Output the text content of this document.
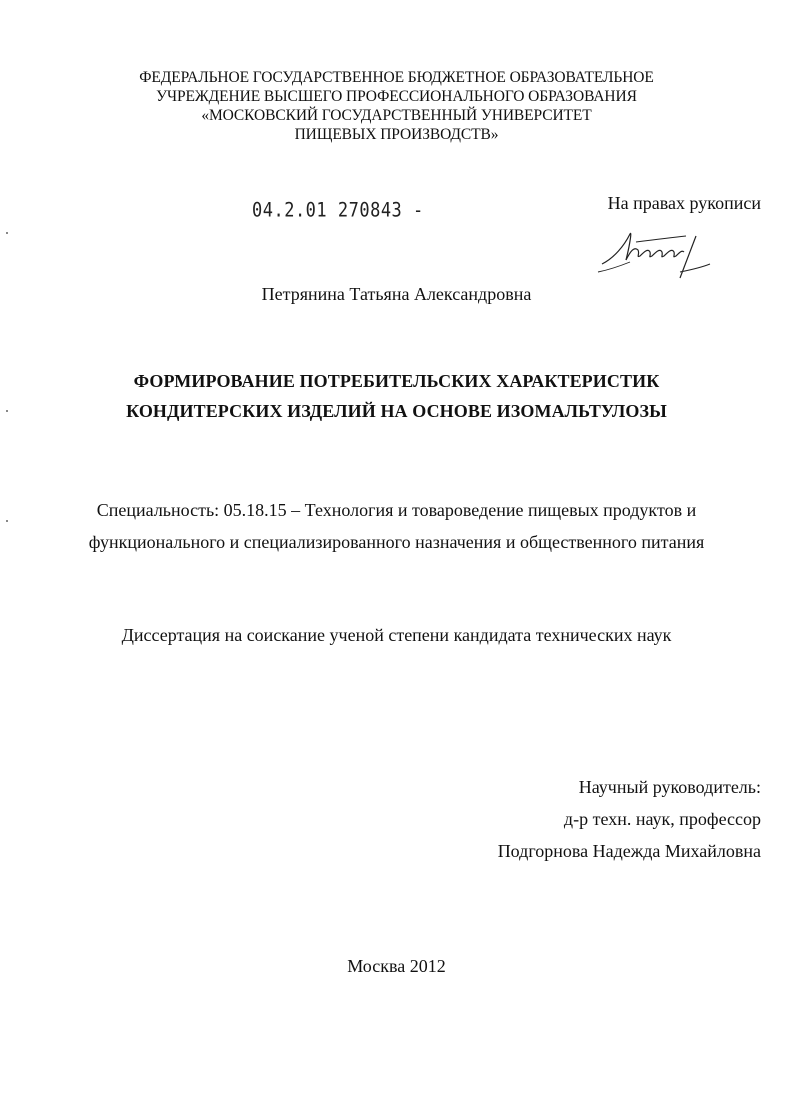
ФЕДЕРАЛЬНОЕ ГОСУДАРСТВЕННОЕ БЮДЖЕТНОЕ ОБРАЗОВАТЕЛЬНОЕ
УЧРЕЖДЕНИЕ ВЫСШЕГО ПРОФЕССИОНАЛЬНОГО ОБРАЗОВАНИЯ
«МОСКОВСКИЙ ГОСУДАРСТВЕННЫЙ УНИВЕРСИТЕТ
ПИЩЕВЫХ ПРОИЗВОДСТВ»
04.2.01 270843 -	На правах рукописи
Петрянина Татьяна Александровна
ФОРМИРОВАНИЕ ПОТРЕБИТЕЛЬСКИХ ХАРАКТЕРИСТИК
КОНДИТЕРСКИХ ИЗДЕЛИЙ НА ОСНОВЕ ИЗОМАЛЬТУЛОЗЫ
Специальность: 05.18.15 – Технология и товароведение пищевых продуктов и
функционального и специализированного назначения и общественного питания
Диссертация на соискание ученой степени кандидата технических наук
Научный руководитель:
д-р техн. наук, профессор
Подгорнова Надежда Михайловна
Москва 2012
